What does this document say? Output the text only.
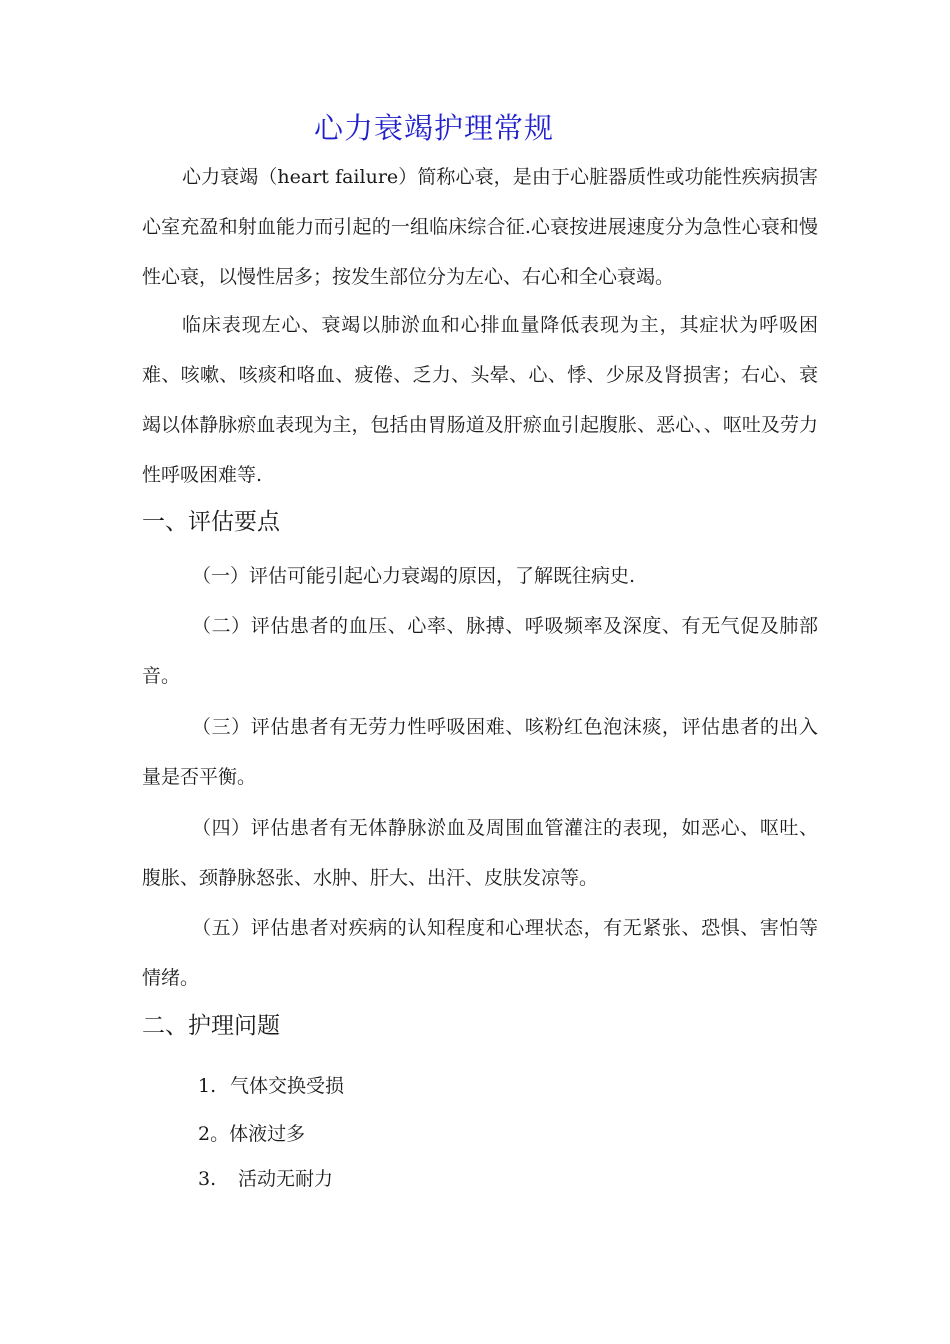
心力衰竭护理常规

心力衰竭（heart failure）简称心衰，是由于心脏器质性或功能性疾病损害心室充盈和射血能力而引起的一组临床综合征.心衰按进展速度分为急性心衰和慢性心衰，以慢性居多；按发生部位分为左心、右心和全心衰竭。

临床表现左心、衰竭以肺淤血和心排血量降低表现为主，其症状为呼吸困难、咳嗽、咳痰和咯血、疲倦、乏力、头晕、心、悸、少尿及肾损害；右心、衰竭以体静脉瘀血表现为主，包括由胃肠道及肝瘀血引起腹胀、恶心、、呕吐及劳力性呼吸困难等.

一、评估要点

（一）评估可能引起心力衰竭的原因，了解既往病史.

（二）评估患者的血压、心率、脉搏、呼吸频率及深度、有无气促及肺部音。

（三）评估患者有无劳力性呼吸困难、咳粉红色泡沫痰，评估患者的出入量是否平衡。

（四）评估患者有无体静脉淤血及周围血管灌注的表现，如恶心、呕吐、腹胀、颈静脉怒张、水肿、肝大、出汗、皮肤发凉等。

（五）评估患者对疾病的认知程度和心理状态，有无紧张、恐惧、害怕等情绪。

二、护理问题

1. 气体交换受损

2。体液过多

3. 活动无耐力
